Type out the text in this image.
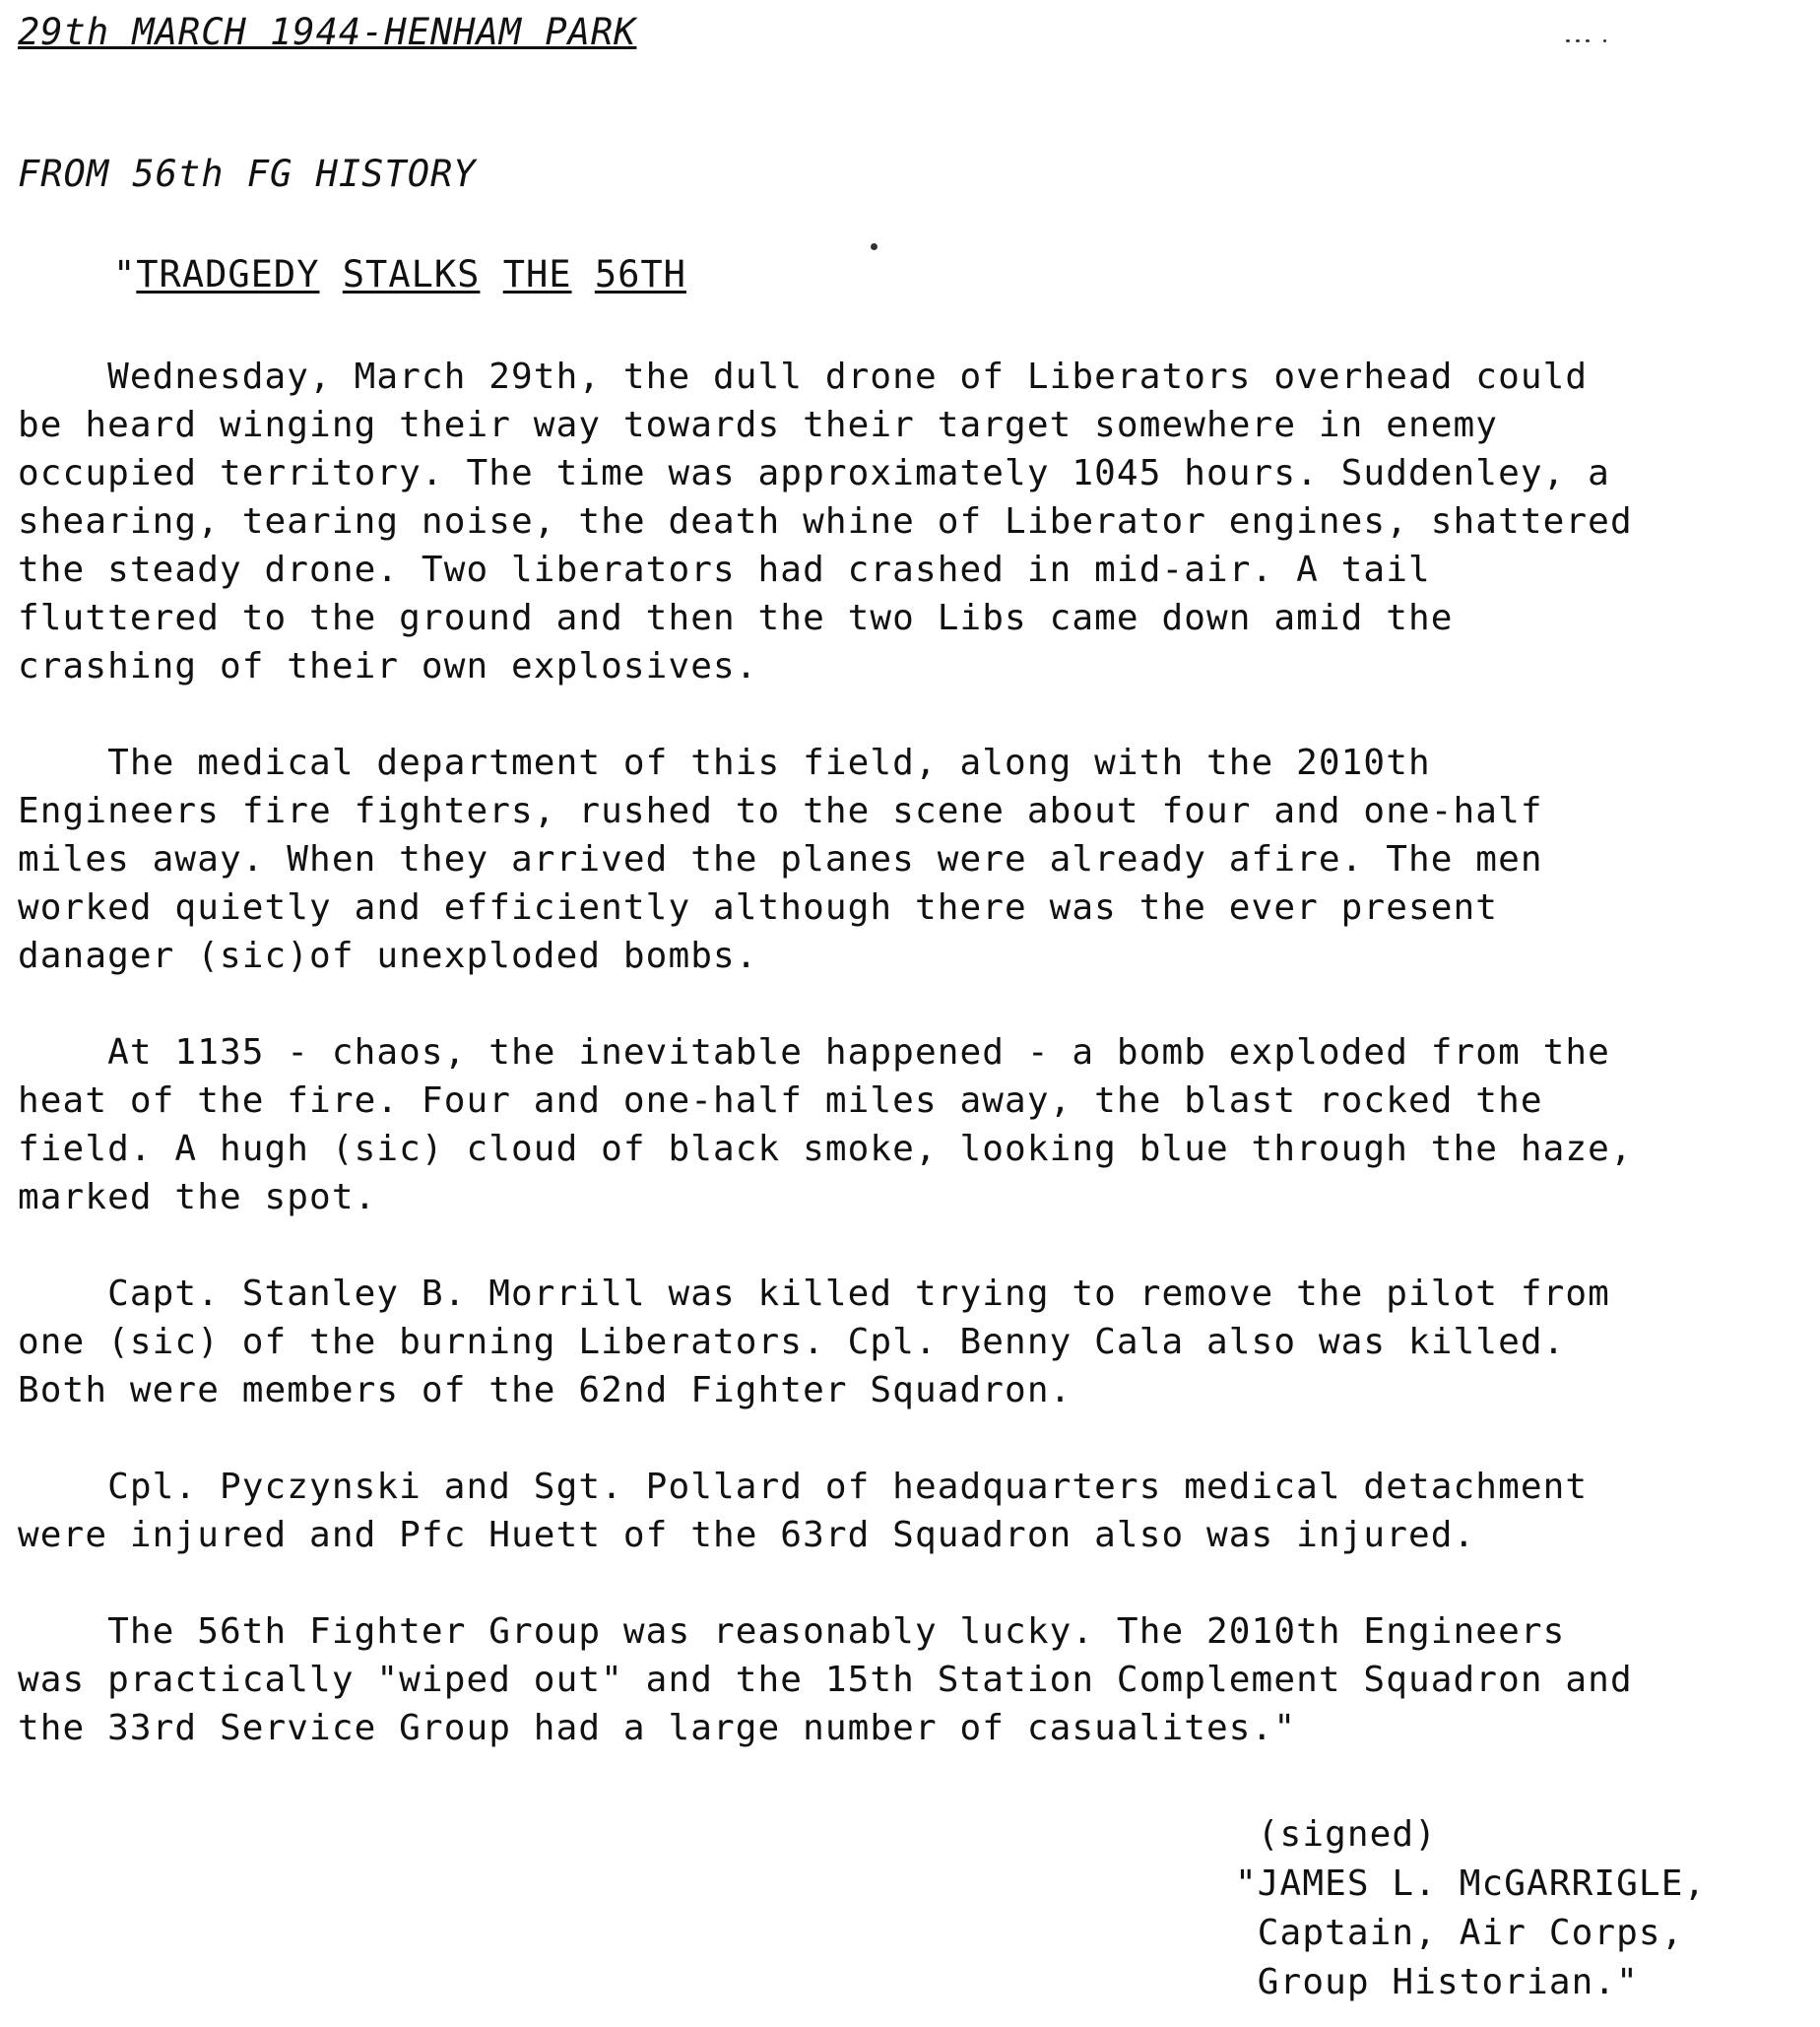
29th MARCH 1944-HENHAM PARK
FROM 56th FG HISTORY
"TRADGEDY STALKS THE 56TH
Wednesday, March 29th, the dull drone of Liberators overhead could
be heard winging their way towards their target somewhere in enemy
occupied territory. The time was approximately 1045 hours. Suddenley, a
shearing, tearing noise, the death whine of Liberator engines, shattered
the steady drone. Two liberators had crashed in mid-air. A tail
fluttered to the ground and then the two Libs came down amid the
crashing of their own explosives.
The medical department of this field, along with the 2010th
Engineers fire fighters, rushed to the scene about four and one-half
miles away. When they arrived the planes were already afire. The men
worked quietly and efficiently although there was the ever present
danager (sic)of unexploded bombs.
At 1135 - chaos, the inevitable happened - a bomb exploded from the
heat of the fire. Four and one-half miles away, the blast rocked the
field. A hugh (sic) cloud of black smoke, looking blue through the haze,
marked the spot.
Capt. Stanley B. Morrill was killed trying to remove the pilot from
one (sic) of the burning Liberators. Cpl. Benny Cala also was killed.
Both were members of the 62nd Fighter Squadron.
Cpl. Pyczynski and Sgt. Pollard of headquarters medical detachment
were injured and Pfc Huett of the 63rd Squadron also was injured.
The 56th Fighter Group was reasonably lucky. The 2010th Engineers
was practically "wiped out" and the 15th Station Complement Squadron and
the 33rd Service Group had a large number of casualites."
(signed)
"JAMES L. McGARRIGLE,
Captain, Air Corps,
Group Historian."
